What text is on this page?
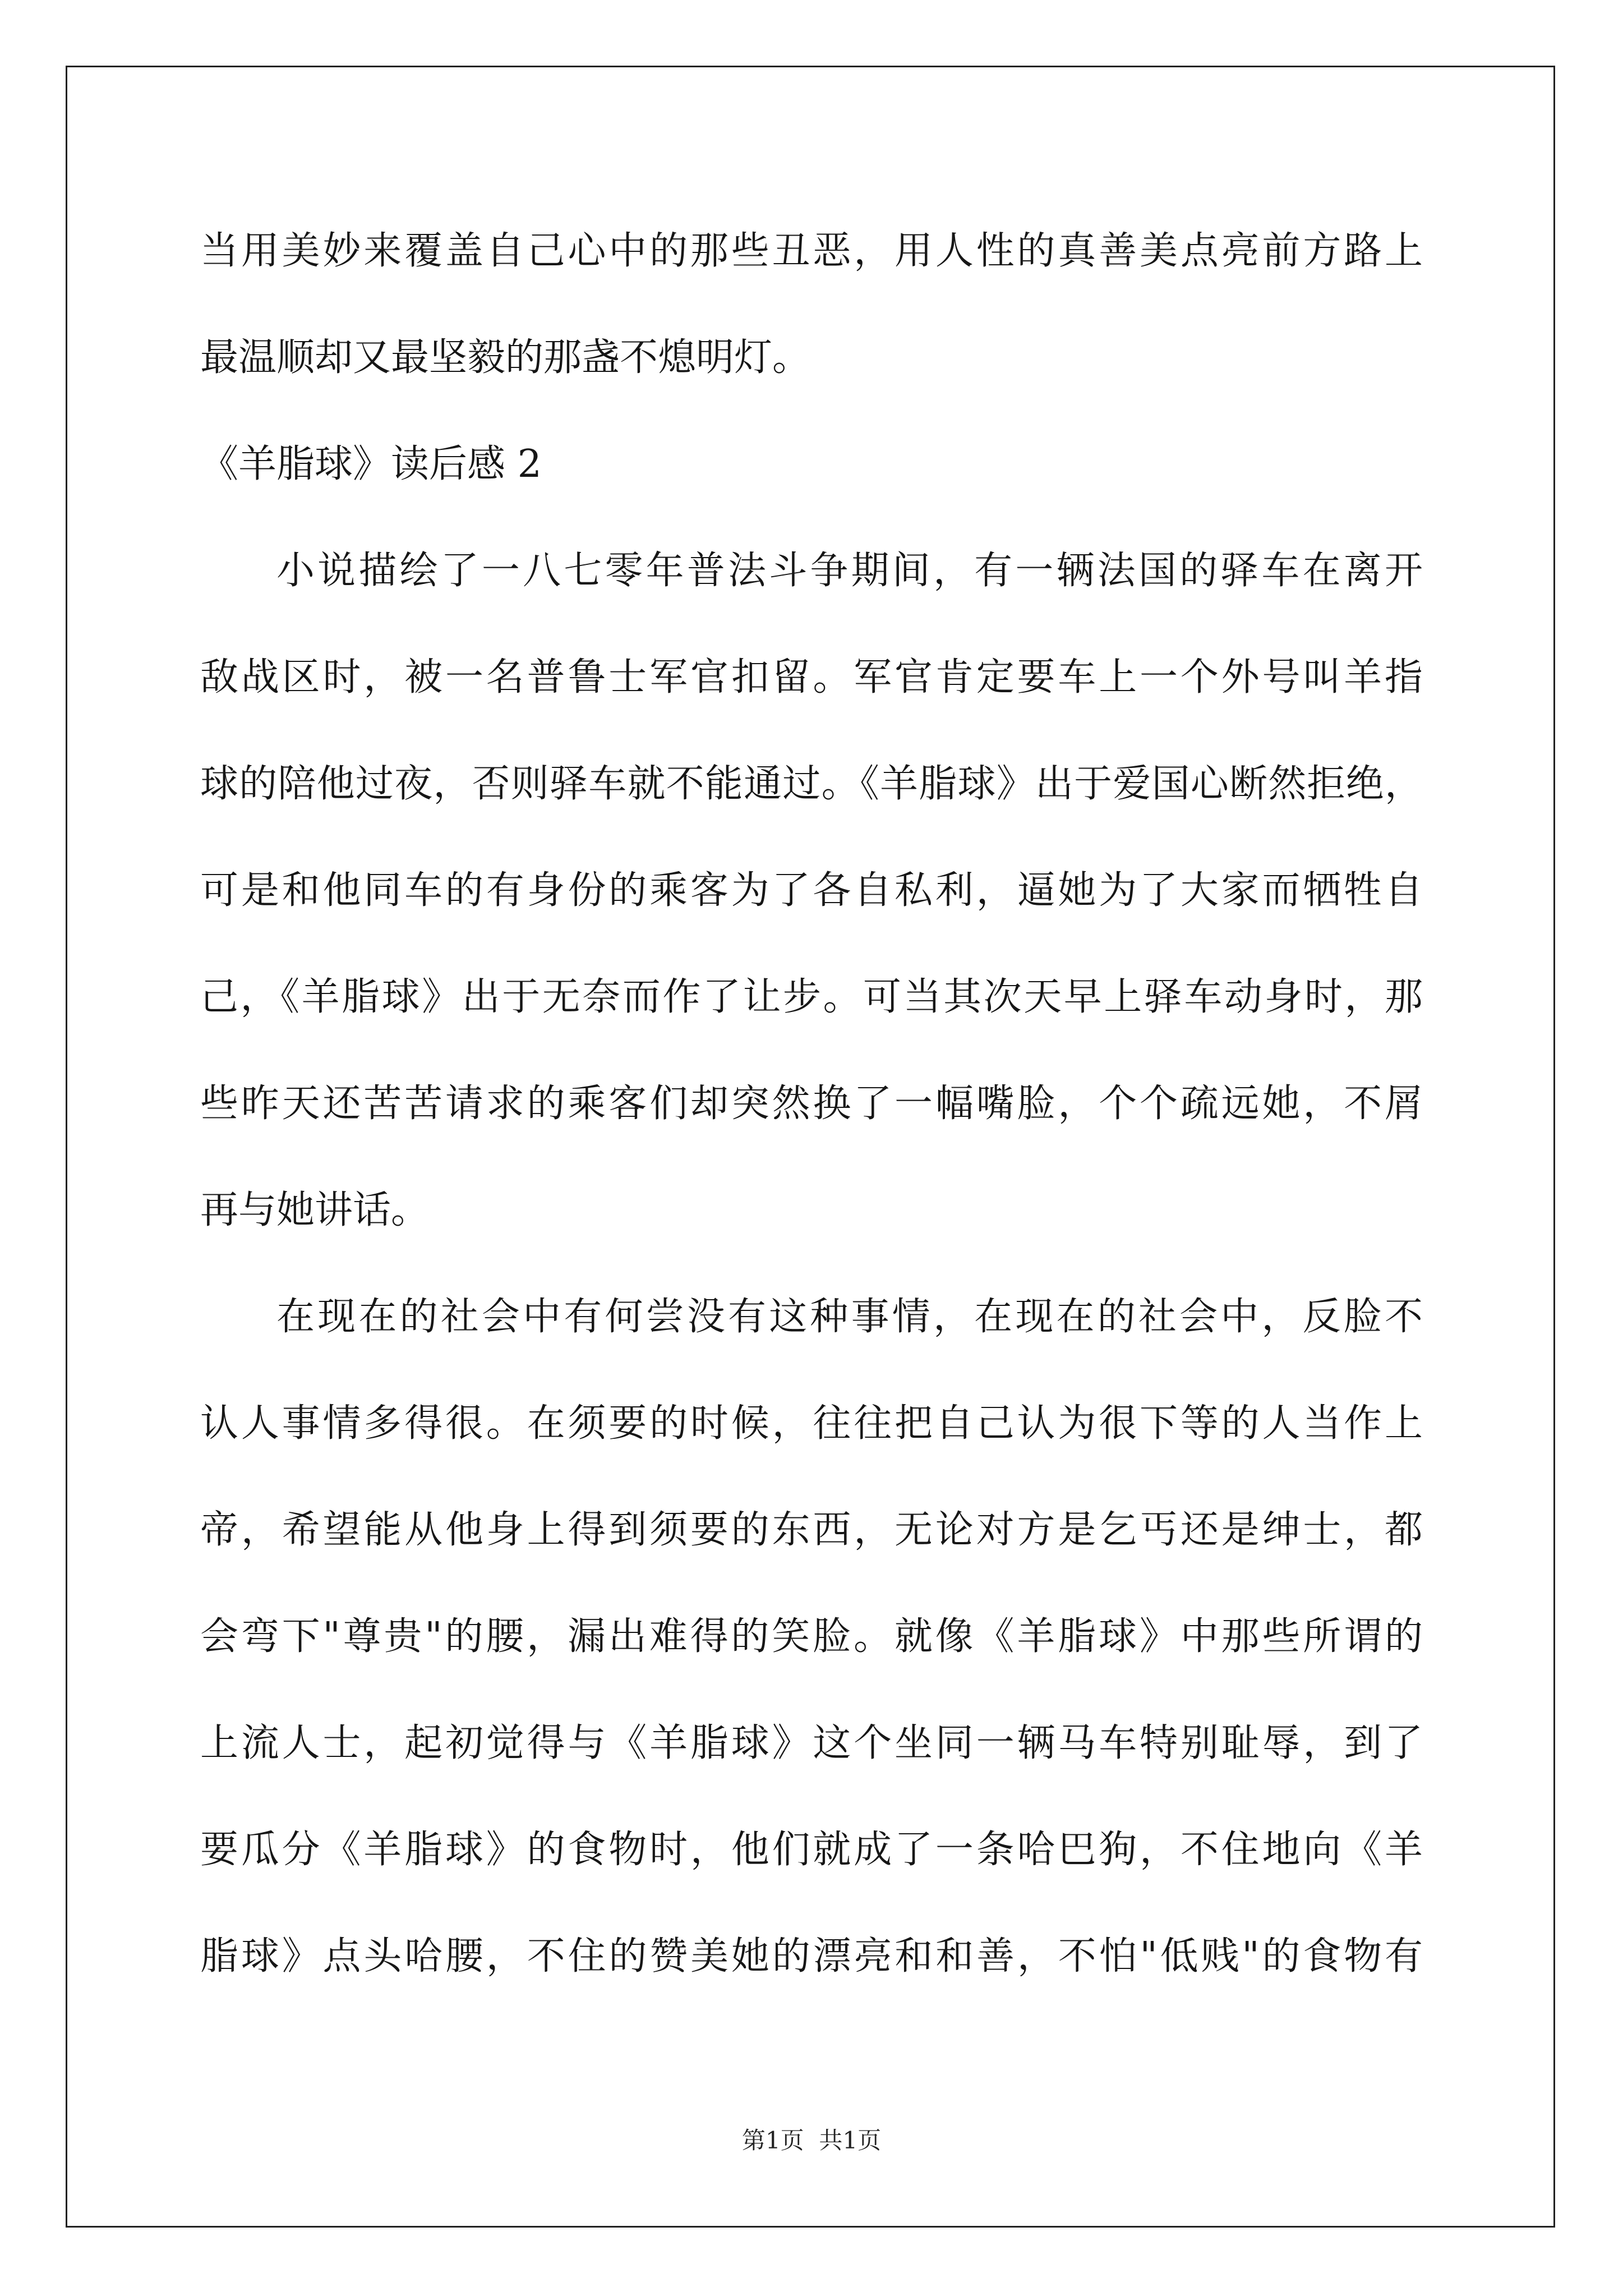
当用美妙来覆盖自己心中的那些丑恶，用人性的真善美点亮前方路上
最温顺却又最坚毅的那盏不熄明灯。
《羊脂球》读后感 2
小说描绘了一八七零年普法斗争期间，有一辆法国的驿车在离开
敌战区时，被一名普鲁士军官扣留。军官肯定要车上一个外号叫羊指
球的陪他过夜，否则驿车就不能通过。《羊脂球》出于爱国心断然拒绝，
可是和他同车的有身份的乘客为了各自私利，逼她为了大家而牺牲自
己，《羊脂球》出于无奈而作了让步。可当其次天早上驿车动身时，那
些昨天还苦苦请求的乘客们却突然换了一幅嘴脸，个个疏远她，不屑
再与她讲话。
在现在的社会中有何尝没有这种事情，在现在的社会中，反脸不
认人事情多得很。在须要的时候，往往把自己认为很下等的人当作上
帝，希望能从他身上得到须要的东西，无论对方是乞丐还是绅士，都
会弯下"尊贵"的腰，漏出难得的笑脸。就像《羊脂球》中那些所谓的
上流人士，起初觉得与《羊脂球》这个坐同一辆马车特别耻辱，到了
要瓜分《羊脂球》的食物时，他们就成了一条哈巴狗，不住地向《羊
脂球》点头哈腰，不住的赞美她的漂亮和和善，不怕"低贱"的食物有
第1页  共1页
